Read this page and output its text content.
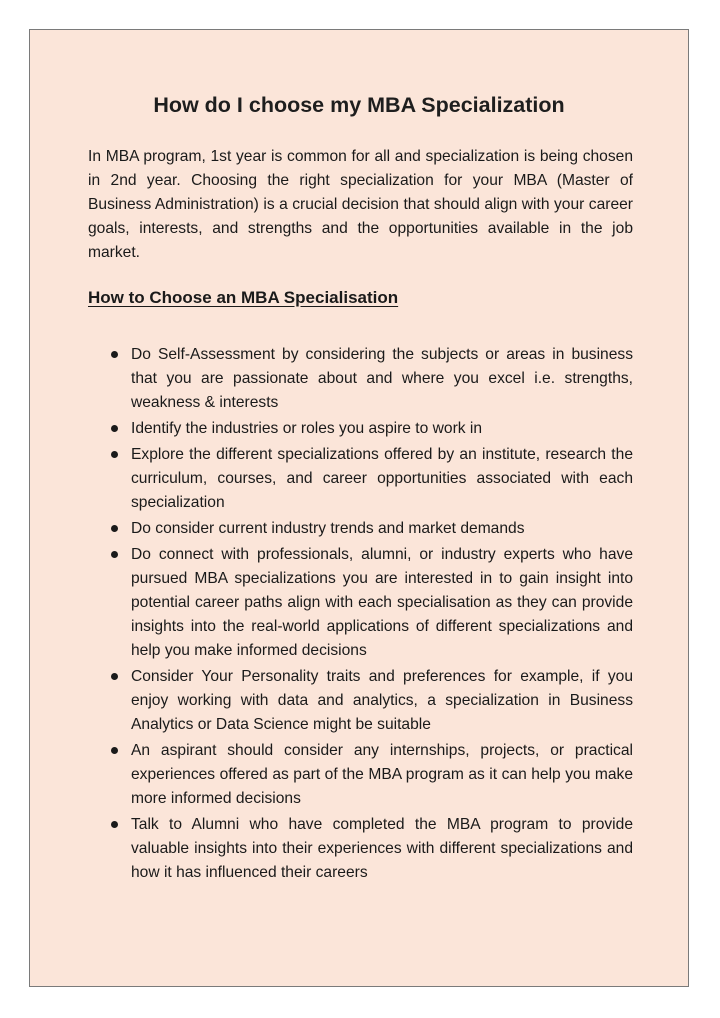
How do I choose my MBA Specialization

In MBA program, 1st year is common for all and specialization is being chosen in 2nd year. Choosing the right specialization for your MBA (Master of Business Administration) is a crucial decision that should align with your career goals, interests, and strengths and the opportunities available in the job market.

How to Choose an MBA Specialisation
Do Self-Assessment by considering the subjects or areas in business that you are passionate about and where you excel i.e. strengths, weakness & interests
Identify the industries or roles you aspire to work in
Explore the different specializations offered by an institute, research the curriculum, courses, and career opportunities associated with each specialization
Do consider current industry trends and market demands
Do connect with professionals, alumni, or industry experts who have pursued MBA specializations you are interested in to gain insight into potential career paths align with each specialisation as they can provide insights into the real-world applications of different specializations and help you make informed decisions
Consider Your Personality traits and preferences for example, if you enjoy working with data and analytics, a specialization in Business Analytics or Data Science might be suitable
An aspirant should consider any internships, projects, or practical experiences offered as part of the MBA program as it can help you make more informed decisions
Talk to Alumni who have completed the MBA program to provide valuable insights into their experiences with different specializations and how it has influenced their careers
